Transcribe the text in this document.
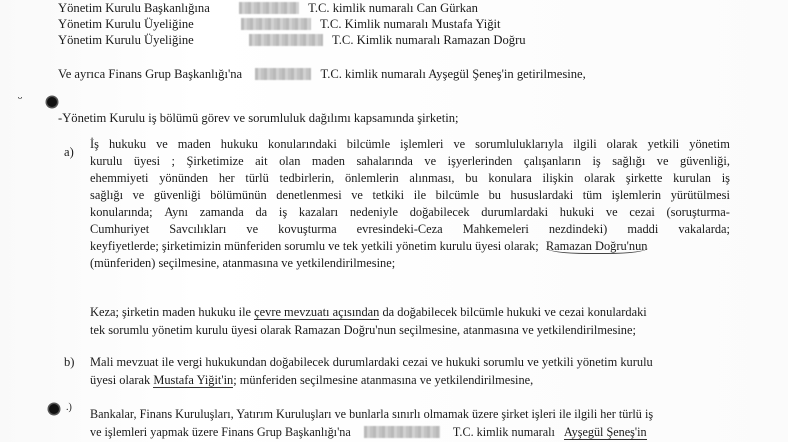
Yönetim Kurulu Başkanlığına	T.C. kimlik numaralı Can Gürkan
Yönetim Kurulu Üyeliğine	T.C. Kimlik numaralı Mustafa Yiğit
Yönetim Kurulu Üyeliğine	T.C. Kimlik numaralı Ramazan Doğru
Ve ayrıca Finans Grup Başkanlığı'na	T.C. kimlik numaralı Ayşegül Şeneş'in getirilmesine,
ᵕ
-Yönetim Kurulu iş bölümü görev ve sorumluluk dağılımı kapsamında şirketin;
a)
İş hukuku ve maden hukuku konularındaki bilcümle işlemleri ve sorumluluklarıyla ilgili olarak yetkili yönetim
kurulu üyesi ; Şirketimize ait olan maden sahalarında ve işyerlerinden çalışanların iş sağlığı ve güvenliği,
ehemmiyeti yönünden her türlü tedbirlerin, önlemlerin alınması, bu konulara ilişkin olarak şirkette kurulan iş
sağlığı ve güvenliği bölümünün denetlenmesi ve tetkiki ile bilcümle bu hususlardaki tüm işlemlerin yürütülmesi
konularında; Aynı zamanda da iş kazaları nedeniyle doğabilecek durumlardaki hukuki ve cezai (soruşturma-
Cumhuriyet Savcılıkları ve kovuşturma evresindeki-Ceza Mahkemeleri nezdindeki) maddi vakalarda;
keyfiyetlerde; şirketimizin münferiden sorumlu ve tek yetkili yönetim kurulu üyesi olarak; Ramazan Doğru'nun
(münferiden) seçilmesine, atanmasına ve yetkilendirilmesine;
Keza; şirketin maden hukuku ile çevre mevzuatı açısından da doğabilecek bilcümle hukuki ve cezai konulardaki
tek sorumlu yönetim kurulu üyesi olarak Ramazan Doğru'nun seçilmesine, atanmasına ve yetkilendirilmesine;
b) Mali mevzuat ile vergi hukukundan doğabilecek durumlardaki cezai ve hukuki sorumlu ve yetkili yönetim kurulu
üyesi olarak Mustafa Yiğit'in; münferiden seçilmesine atanmasına ve yetkilendirilmesine,
.) Bankalar, Finans Kuruluşları, Yatırım Kuruluşları ve bunlarla sınırlı olmamak üzere şirket işleri ile ilgili her türlü iş
ve işlemleri yapmak üzere Finans Grup Başkanlığı'na	T.C. kimlik numaralı Ayşegül Şeneş'in
